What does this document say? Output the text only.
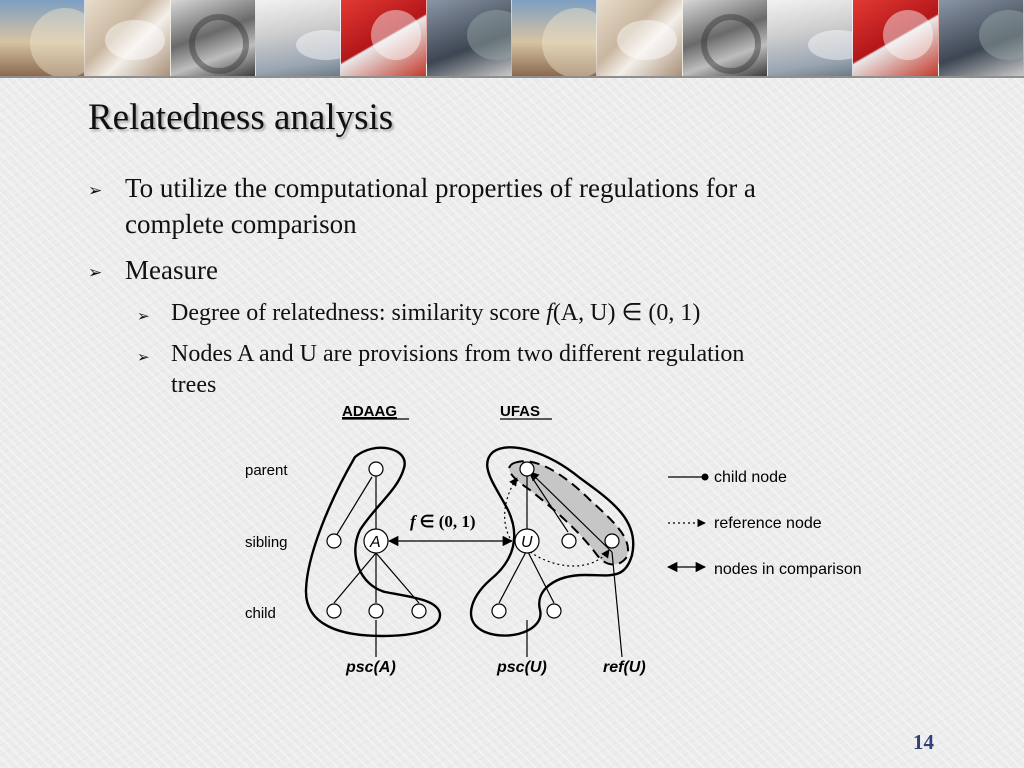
Relatedness analysis
➢ To utilize the computational properties of regulations for a
complete comparison
➢ Measure
➢ Degree of relatedness: similarity score f(A, U) ∈ (0, 1)
➢ Nodes A and U are provisions from two different regulation
trees
ADAAG	UFAS
parent
sibling
child
f ∈ (0, 1)
A	U
psc(A)	psc(U)	ref(U)
child node
reference node
nodes in comparison
14
